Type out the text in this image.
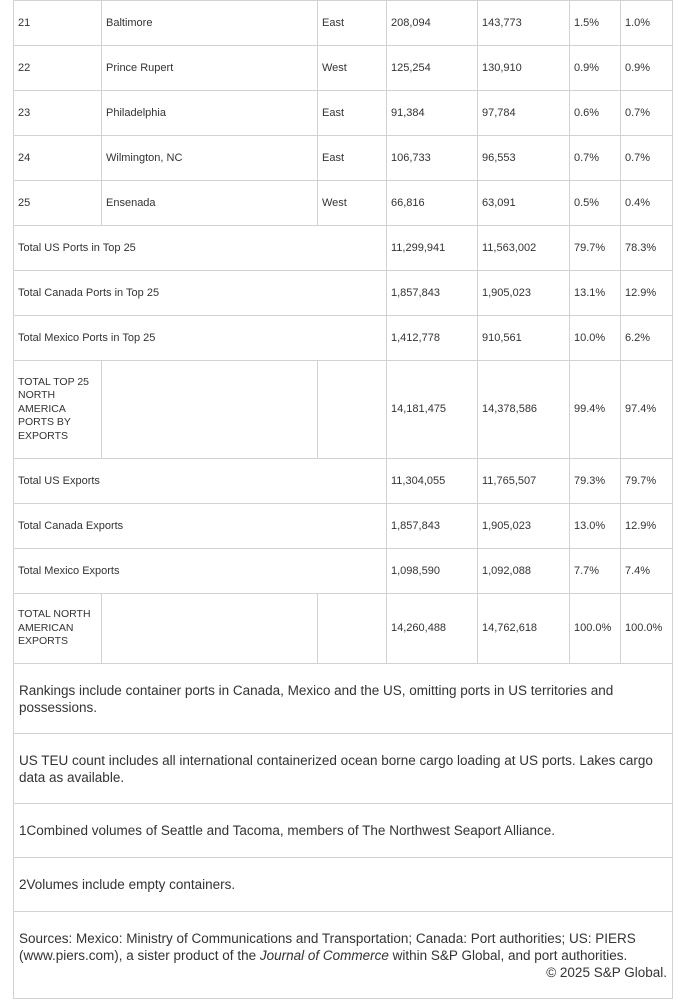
21	Baltimore	East	208,094	143,773	1.5%	1.0%
22	Prince Rupert	West	125,254	130,910	0.9%	0.9%
23	Philadelphia	East	91,384	97,784	0.6%	0.7%
24	Wilmington, NC	East	106,733	96,553	0.7%	0.7%
25	Ensenada	West	66,816	63,091	0.5%	0.4%
Total US Ports in Top 25			11,299,941	11,563,002	79.7%	78.3%
Total Canada Ports in Top 25			1,857,843	1,905,023	13.1%	12.9%
Total Mexico Ports in Top 25			1,412,778	910,561	10.0%	6.2%
TOTAL TOP 25 NORTH AMERICA PORTS BY EXPORTS			14,181,475	14,378,586	99.4%	97.4%
Total US Exports			11,304,055	11,765,507	79.3%	79.7%
Total Canada Exports			1,857,843	1,905,023	13.0%	12.9%
Total Mexico Exports			1,098,590	1,092,088	7.7%	7.4%
TOTAL NORTH AMERICAN EXPORTS			14,260,488	14,762,618	100.0%	100.0%
Rankings include container ports in Canada, Mexico and the US, omitting ports in US territories and possessions.						
US TEU count includes all international containerized ocean borne cargo loading at US ports. Lakes cargo data as available.						
1Combined volumes of Seattle and Tacoma, members of The Northwest Seaport Alliance.						
2Volumes include empty containers.						
Sources: Mexico: Ministry of Communications and Transportation; Canada: Port authorities; US: PIERS (www.piers.com), a sister product of the Journal of Commerce within S&P Global, and port authorities.
© 2025 S&P Global.						
